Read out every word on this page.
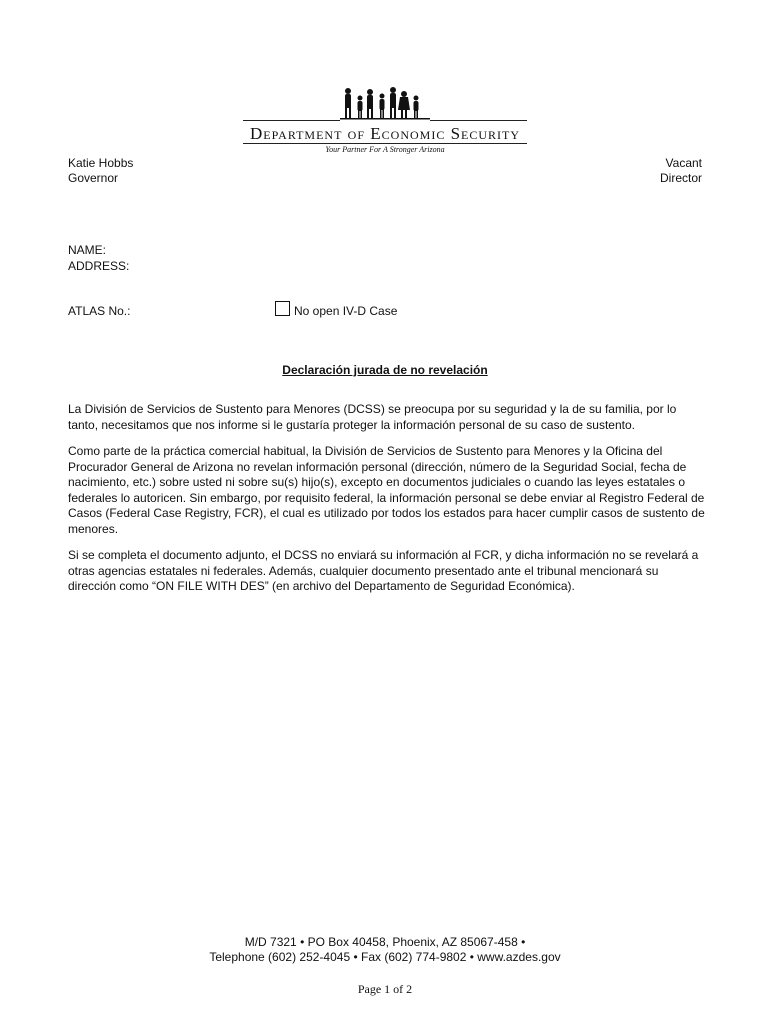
Department of Economic Security
Your Partner For A Stronger Arizona
Katie Hobbs
Governor
Vacant
Director
NAME:
ADDRESS:
ATLAS No.:	No open IV-D Case
Declaración jurada de no revelación
La División de Servicios de Sustento para Menores (DCSS) se preocupa por su seguridad y la de su familia, por lo tanto, necesitamos que nos informe si le gustaría proteger la información personal de su caso de sustento.
Como parte de la práctica comercial habitual, la División de Servicios de Sustento para Menores y la Oficina del Procurador General de Arizona no revelan información personal (dirección, número de la Seguridad Social, fecha de nacimiento, etc.) sobre usted ni sobre su(s) hijo(s), excepto en documentos judiciales o cuando las leyes estatales o federales lo autoricen. Sin embargo, por requisito federal, la información personal se debe enviar al Registro Federal de Casos (Federal Case Registry, FCR), el cual es utilizado por todos los estados para hacer cumplir casos de sustento de menores.
Si se completa el documento adjunto, el DCSS no enviará su información al FCR, y dicha información no se revelará a otras agencias estatales ni federales. Además, cualquier documento presentado ante el tribunal mencionará su dirección como “ON FILE WITH DES” (en archivo del Departamento de Seguridad Económica).
M/D 7321 • PO Box 40458, Phoenix, AZ 85067-458 •
Telephone (602) 252-4045 • Fax (602) 774-9802 • www.azdes.gov
Page 1 of 2
